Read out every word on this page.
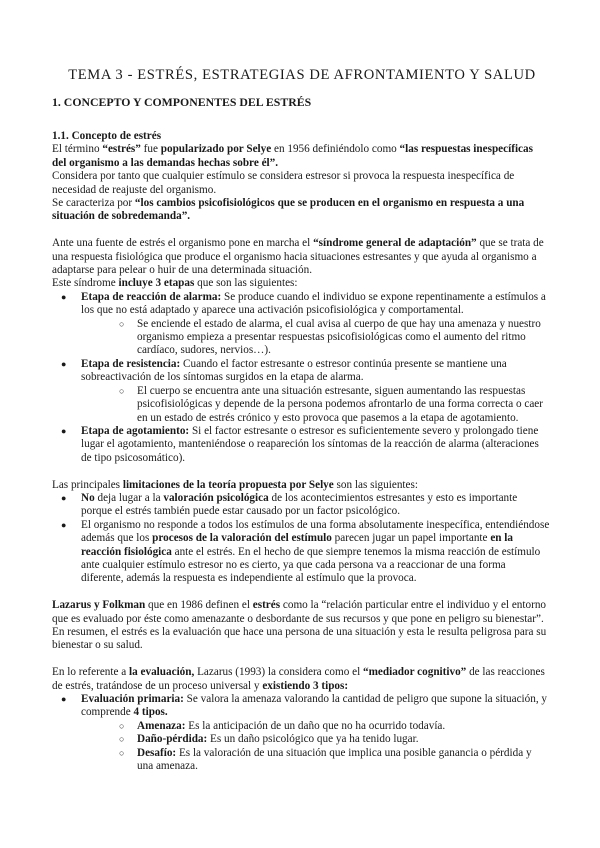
TEMA 3 - ESTRÉS, ESTRATEGIAS DE AFRONTAMIENTO Y SALUD
1. CONCEPTO Y COMPONENTES DEL ESTRÉS

1.1. Concepto de estrés

El término “estrés” fue popularizado por Selye en 1956 definiéndolo como “las respuestas inespecíficas del organismo a las demandas hechas sobre él”.

Considera por tanto que cualquier estímulo se considera estresor si provoca la respuesta inespecífica de necesidad de reajuste del organismo.

Se caracteriza por “los cambios psicofisiológicos que se producen en el organismo en respuesta a una situación de sobredemanda”.

Ante una fuente de estrés el organismo pone en marcha el “síndrome general de adaptación” que se trata de una respuesta fisiológica que produce el organismo hacia situaciones estresantes y que ayuda al organismo a adaptarse para pelear o huir de una determinada situación.

Este síndrome incluye 3 etapas que son las siguientes:

● Etapa de reacción de alarma: Se produce cuando el individuo se expone repentinamente a estímulos a los que no está adaptado y aparece una activación psicofisiológica y comportamental.
○ Se enciende el estado de alarma, el cual avisa al cuerpo de que hay una amenaza y nuestro organismo empieza a presentar respuestas psicofisiológicas como el aumento del ritmo cardíaco, sudores, nervios…).
● Etapa de resistencia: Cuando el factor estresante o estresor continúa presente se mantiene una sobreactivación de los síntomas surgidos en la etapa de alarma.
○ El cuerpo se encuentra ante una situación estresante, siguen aumentando las respuestas psicofisiológicas y depende de la persona podemos afrontarlo de una forma correcta o caer en un estado de estrés crónico y esto provoca que pasemos a la etapa de agotamiento.
● Etapa de agotamiento: Si el factor estresante o estresor es suficientemente severo y prolongado tiene lugar el agotamiento, manteniéndose o reapareción los síntomas de la reacción de alarma (alteraciones de tipo psicosomático).

Las principales limitaciones de la teoría propuesta por Selye son las siguientes:

● No deja lugar a la valoración psicológica de los acontecimientos estresantes y esto es importante porque el estrés también puede estar causado por un factor psicológico.
● El organismo no responde a todos los estímulos de una forma absolutamente inespecífica, entendiéndose además que los procesos de la valoración del estímulo parecen jugar un papel importante en la reacción fisiológica ante el estrés. En el hecho de que siempre tenemos la misma reacción de estímulo ante cualquier estímulo estresor no es cierto, ya que cada persona va a reaccionar de una forma diferente, además la respuesta es independiente al estímulo que la provoca.

Lazarus y Folkman que en 1986 definen el estrés como la “relación particular entre el individuo y el entorno que es evaluado por éste como amenazante o desbordante de sus recursos y que pone en peligro su bienestar”. En resumen, el estrés es la evaluación que hace una persona de una situación y esta le resulta peligrosa para su bienestar o su salud.

En lo referente a la evaluación, Lazarus (1993) la considera como el “mediador cognitivo” de las reacciones de estrés, tratándose de un proceso universal y existiendo 3 tipos:

● Evaluación primaria: Se valora la amenaza valorando la cantidad de peligro que supone la situación, y comprende 4 tipos.
○ Amenaza: Es la anticipación de un daño que no ha ocurrido todavía.
○ Daño-pérdida: Es un daño psicológico que ya ha tenido lugar.
○ Desafío: Es la valoración de una situación que implica una posible ganancia o pérdida y una amenaza.
